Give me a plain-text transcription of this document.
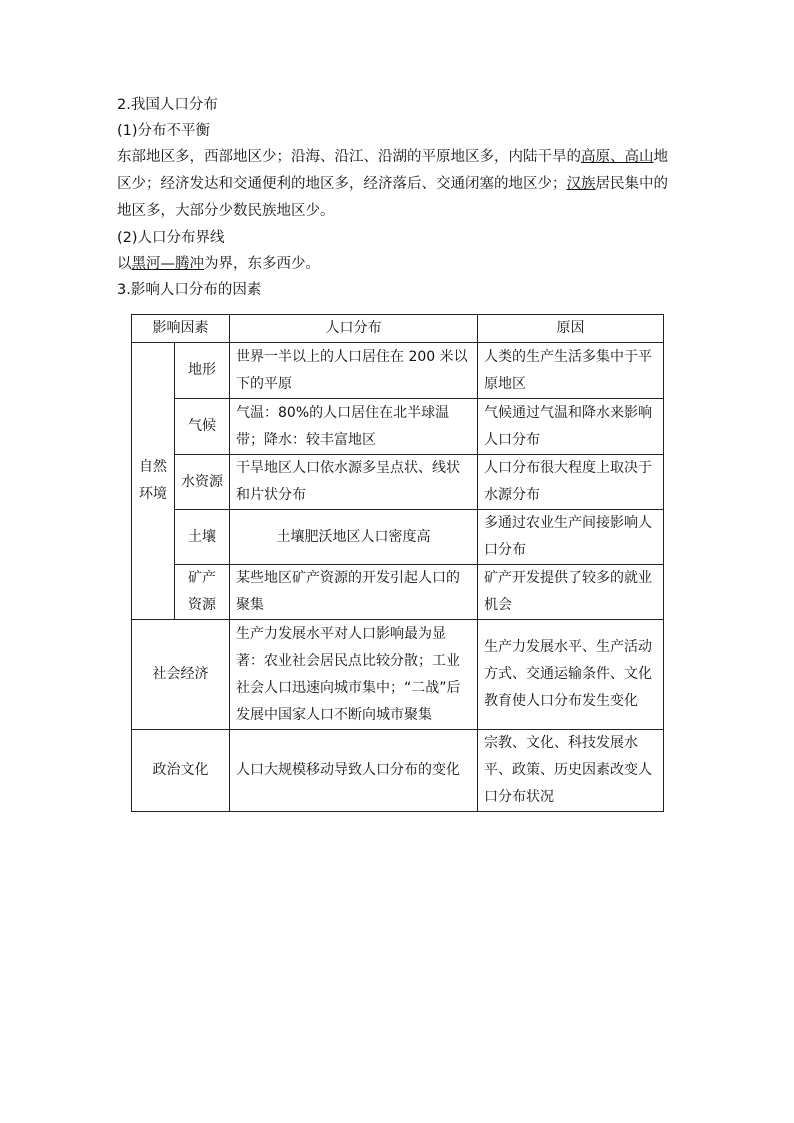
2.我国人口分布
(1)分布不平衡
东部地区多，西部地区少；沿海、沿江、沿湖的平原地区多，内陆干旱的高原、高山地区少；经济发达和交通便利的地区多，经济落后、交通闭塞的地区少；汉族居民集中的地区多，大部分少数民族地区少。
(2)人口分布界线
以黑河—腾冲为界，东多西少。
3.影响人口分布的因素
影响因素		人口分布	原因

自然环境	地形	世界一半以上的人口居住在 200 米以下的平原	人类的生产生活多集中于平原地区
	气候	气温：80%的人口居住在北半球温带；降水：较丰富地区	气候通过气温和降水来影响人口分布
	水资源	干旱地区人口依水源多呈点状、线状和片状分布	人口分布很大程度上取决于水源分布
	土壤	土壤肥沃地区人口密度高	多通过农业生产间接影响人口分布

	矿产资源	某些地区矿产资源的开发引起人口的聚集	矿产开发提供了较多的就业机会
社会经济		生产力发展水平对人口影响最为显著：农业社会居民点比较分散；工业社会人口迅速向城市集中；“二战”后发展中国家人口不断向城市聚集	生产力发展水平、生产活动方式、交通运输条件、文化教育使人口分布发生变化
政治文化		人口大规模移动导致人口分布的变化	宗教、文化、科技发展水平、政策、历史因素改变人口分布状况
